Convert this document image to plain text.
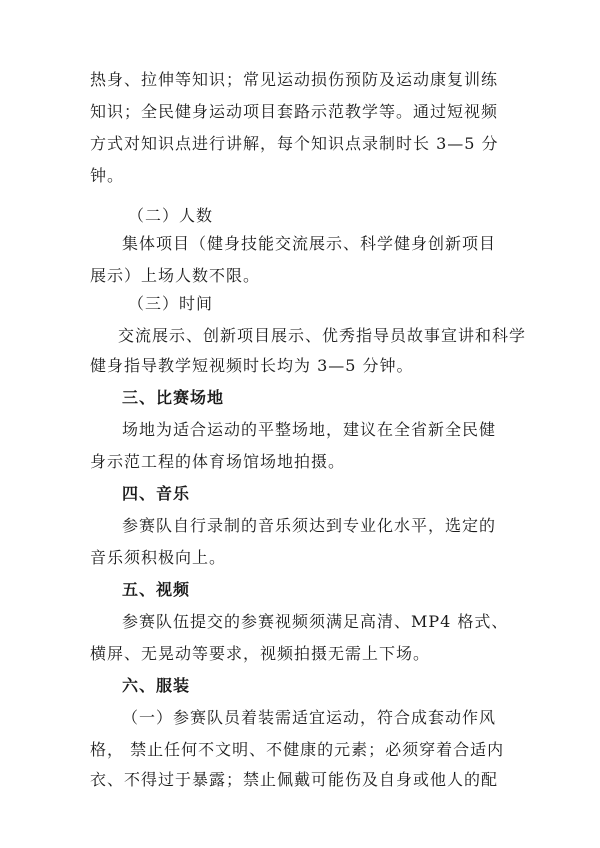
热身、拉伸等知识；常见运动损伤预防及运动康复训练
知识；全民健身运动项目套路示范教学等。通过短视频
方式对知识点进行讲解，每个知识点录制时长 3—5 分
钟。
（二）人数
集体项目（健身技能交流展示、科学健身创新项目
展示）上场人数不限。
（三）时间
交流展示、创新项目展示、优秀指导员故事宣讲和科学
健身指导教学短视频时长均为 3—5 分钟。
三、比赛场地
场地为适合运动的平整场地，建议在全省新全民健
身示范工程的体育场馆场地拍摄。
四、音乐
参赛队自行录制的音乐须达到专业化水平，选定的
音乐须积极向上。
五、视频
参赛队伍提交的参赛视频须满足高清、MP4 格式、
横屏、无晃动等要求，视频拍摄无需上下场。
六、服装
（一）参赛队员着装需适宜运动，符合成套动作风
格， 禁止任何不文明、不健康的元素；必须穿着合适内
衣、不得过于暴露；禁止佩戴可能伤及自身或他人的配
